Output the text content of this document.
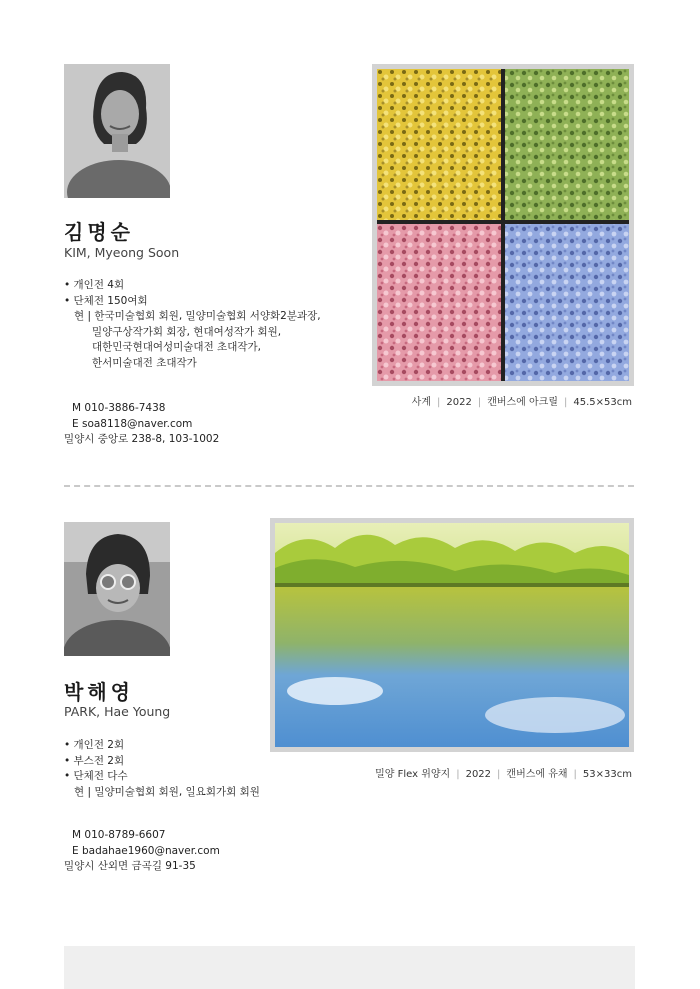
김명순
KIM, Myeong Soon
• 개인전 4회
• 단체전 150여회
현 | 한국미술협회 회원, 밀양미술협회 서양화2분과장,
밀양구상작가회 회장, 현대여성작가 회원,
대한민국현대여성미술대전 초대작가,
한서미술대전 초대작가
M 010-3886-7438
E soa8118@naver.com
밀양시 중앙로 238-8, 103-1002
사계 | 2022 | 캔버스에 아크릴 | 45.5×53cm
박해영
PARK, Hae Young
• 개인전 2회
• 부스전 2회
• 단체전 다수
현 | 밀양미술협회 회원, 일요회가회 회원
M 010-8789-6607
E badahae1960@naver.com
밀양시 산외면 금곡길 91-35
밀양 Flex 위양지 | 2022 | 캔버스에 유채 | 53×33cm
